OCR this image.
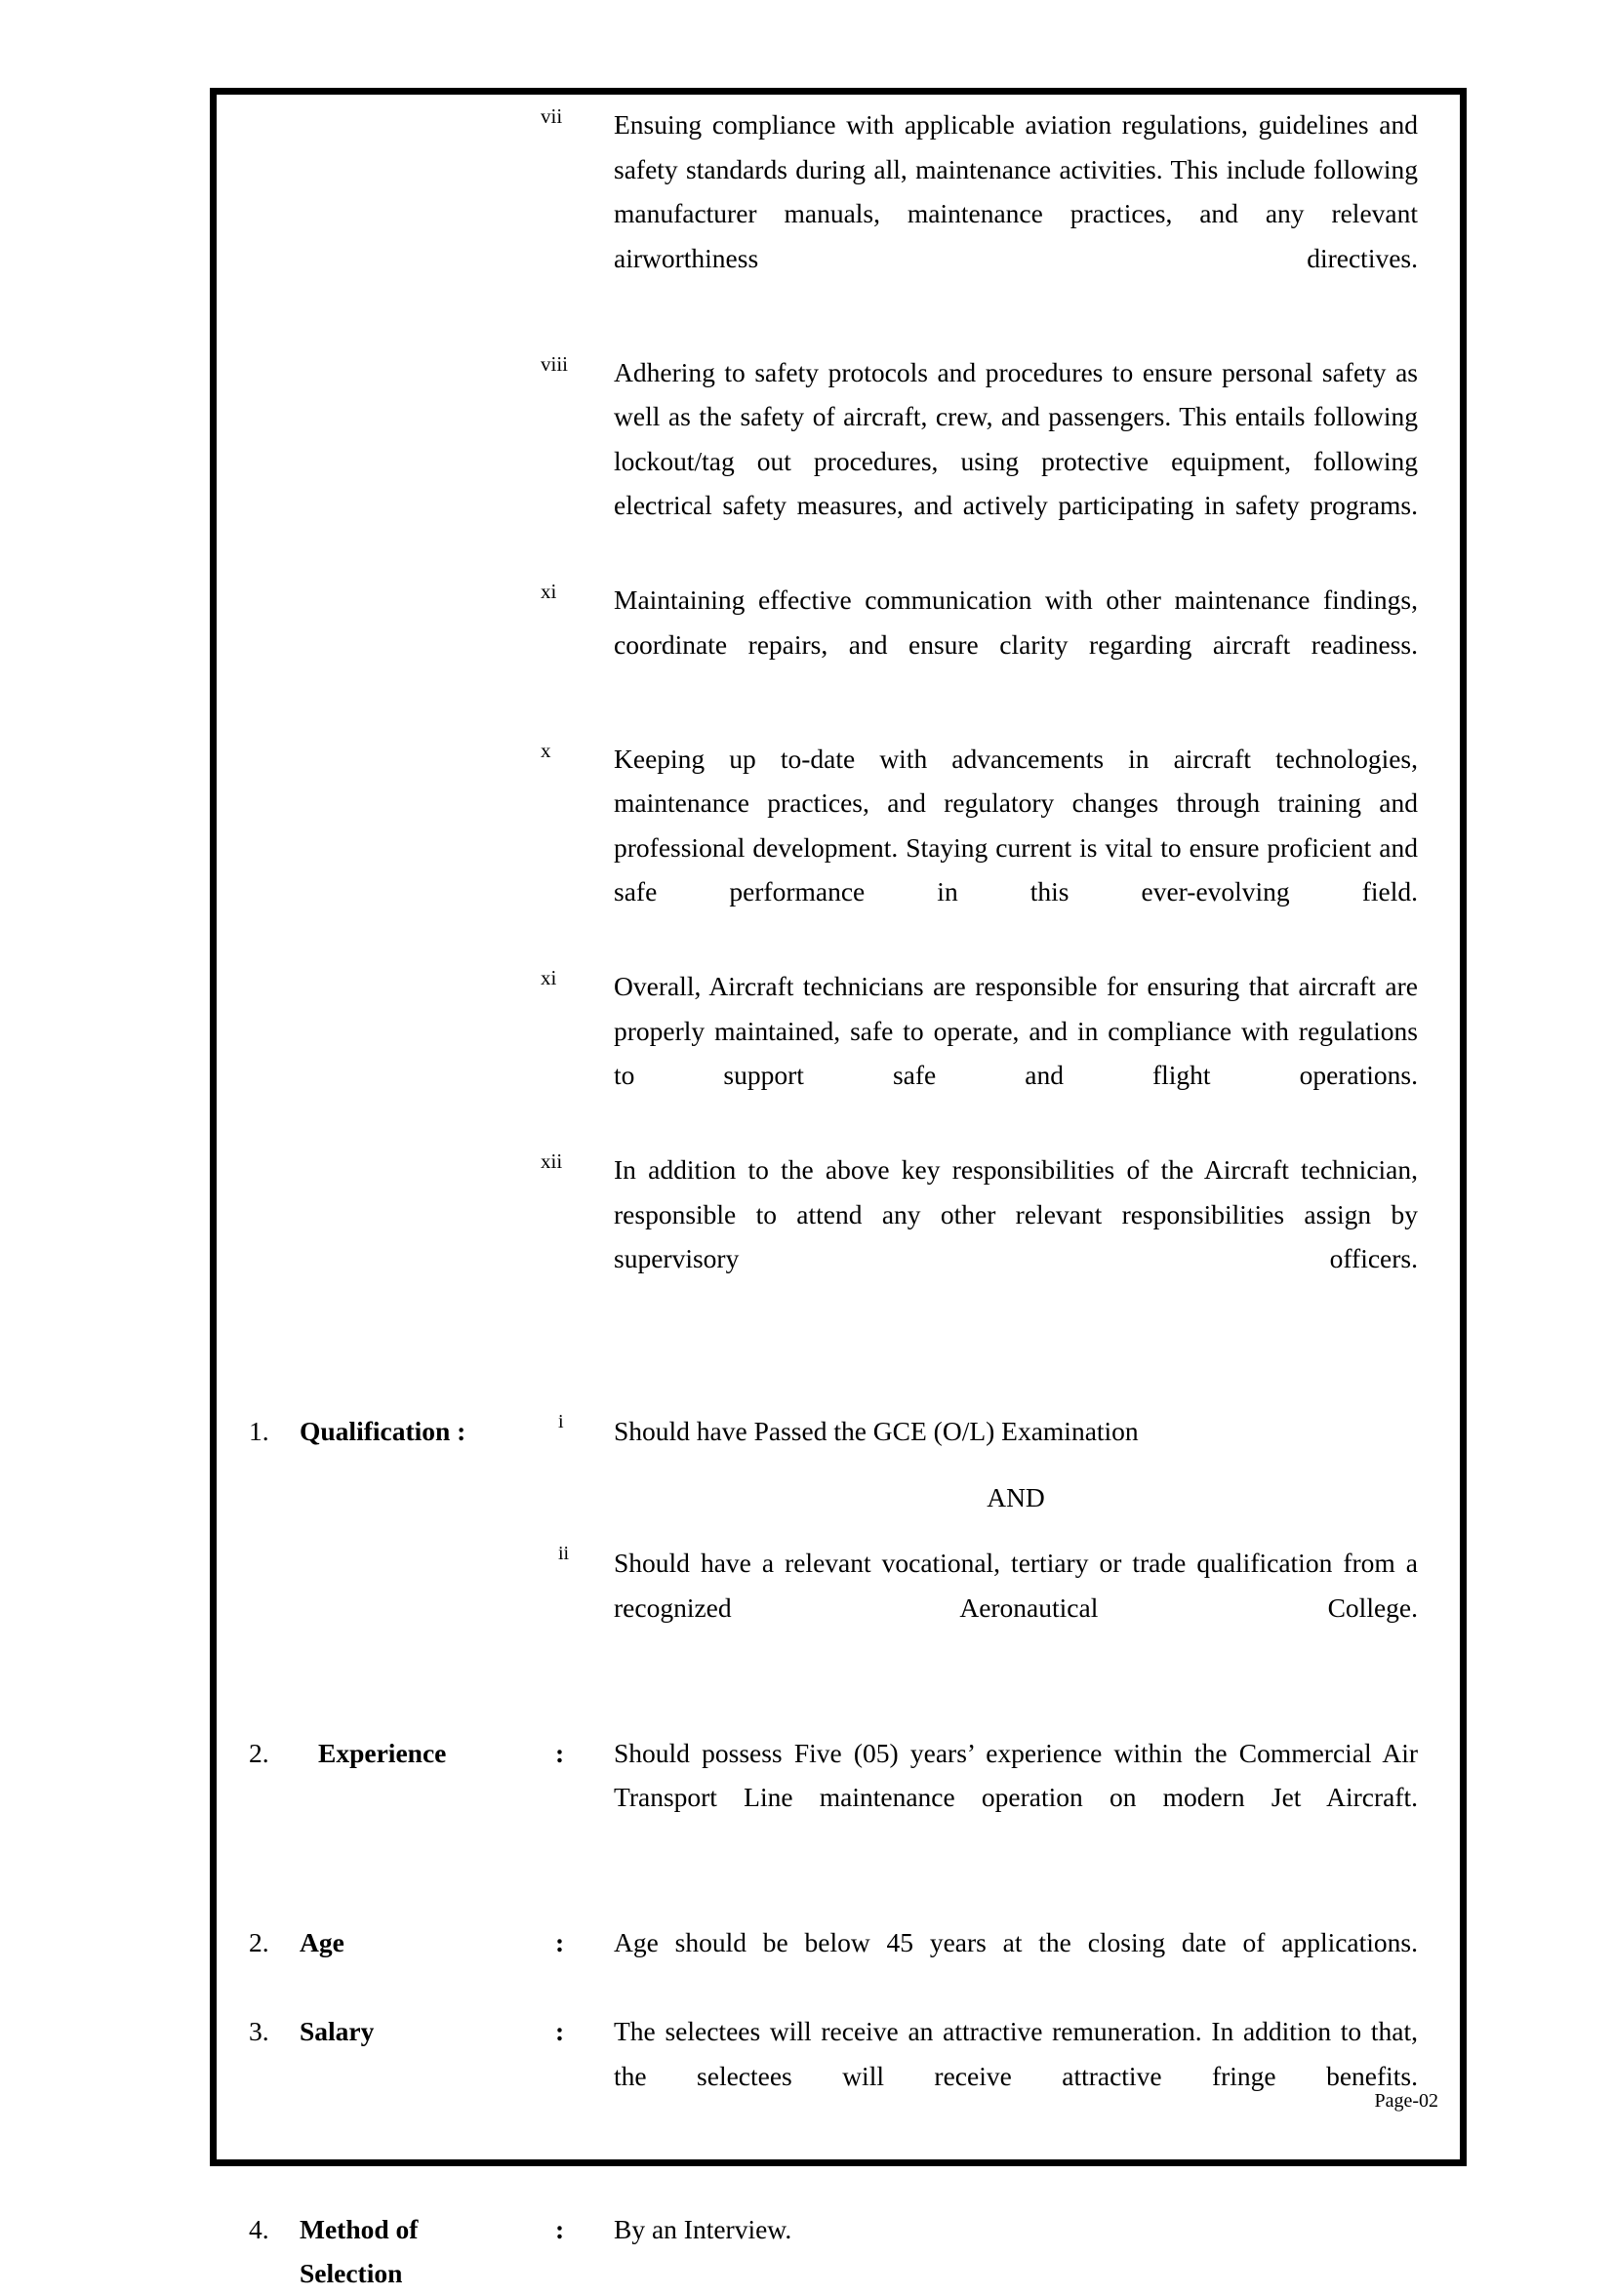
vii Ensuing compliance with applicable aviation regulations, guidelines and safety standards during all, maintenance activities. This include following manufacturer manuals, maintenance practices, and any relevant airworthiness directives.
viii Adhering to safety protocols and procedures to ensure personal safety as well as the safety of aircraft, crew, and passengers. This entails following lockout/tag out procedures, using protective equipment, following electrical safety measures, and actively participating in safety programs.
xi Maintaining effective communication with other maintenance findings, coordinate repairs, and ensure clarity regarding aircraft readiness.
x Keeping up to-date with advancements in aircraft technologies, maintenance practices, and regulatory changes through training and professional development. Staying current is vital to ensure proficient and safe performance in this ever-evolving field.
xi Overall, Aircraft technicians are responsible for ensuring that aircraft are properly maintained, safe to operate, and in compliance with regulations to support safe and flight operations.
xii In addition to the above key responsibilities of the Aircraft technician, responsible to attend any other relevant responsibilities assign by supervisory officers.
1. Qualification :	i Should have Passed the GCE (O/L) Examination
AND
ii Should have a relevant vocational, tertiary or trade qualification from a recognized Aeronautical College.
2. Experience	:	Should possess Five (05) years’ experience within the Commercial Air Transport Line maintenance operation on modern Jet Aircraft.
2. Age	:	Age should be below 45 years at the closing date of applications.
3. Salary	:	The selectees will receive an attractive remuneration. In addition to that, the selectees will receive attractive fringe benefits.
4. Method of	:	By an Interview.
Selection

Page-02
